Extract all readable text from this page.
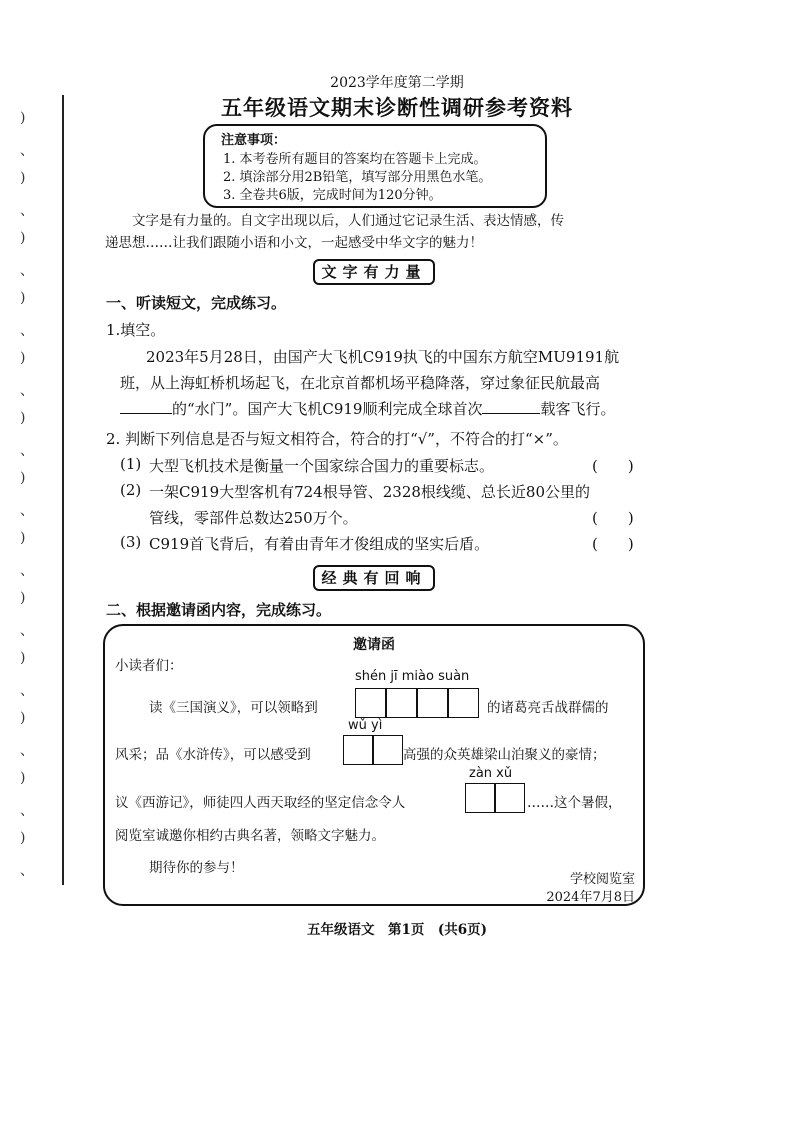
)
、
)
、
)
、
)
、
)
、
)
、
)
、
)
、
)
、
)
、
)
、
)
、
)
、
2023学年度第二学期
五年级语文期末诊断性调研参考资料
注意事项：
1. 本考卷所有题目的答案均在答题卡上完成。
2. 填涂部分用2B铅笔，填写部分用黑色水笔。
3. 全卷共6版，完成时间为120分钟。
文字是有力量的。自文字出现以后，人们通过它记录生活、表达情感，传
递思想……让我们跟随小语和小文，一起感受中华文字的魅力！
文字有力量
一、听读短文，完成练习。
1.填空。
2023年5月28日，由国产大飞机C919执飞的中国东方航空MU9191航
班，从上海虹桥机场起飞，在北京首都机场平稳降落，穿过象征民航最高
的“水门”。国产大飞机C919顺利完成全球首次	载客飞行。
2. 判断下列信息是否与短文相符合，符合的打“√”，不符合的打“×”。
(1) 大型飞机技术是衡量一个国家综合国力的重要标志。	(　　)
(2) 一架C919大型客机有724根导管、2328根线缆、总长近80公里的
管线，零部件总数达250万个。	(　　)
(3) C919首飞背后，有着由青年才俊组成的坚实后盾。	(　　)
经典有回响
二、根据邀请函内容，完成练习。
邀请函
小读者们：
shén jī miào suàn
读《三国演义》，可以领略到	的诸葛亮舌战群儒的
wǔ yì
风采；品《水浒传》，可以感受到	高强的众英雄梁山泊聚义的豪情；
zàn xǔ
议《西游记》，师徒四人西天取经的坚定信念令人	……这个暑假，
阅览室诚邀你相约古典名著，领略文字魅力。
期待你的参与！
学校阅览室
2024年7月8日
五年级语文　第1页　(共6页)
